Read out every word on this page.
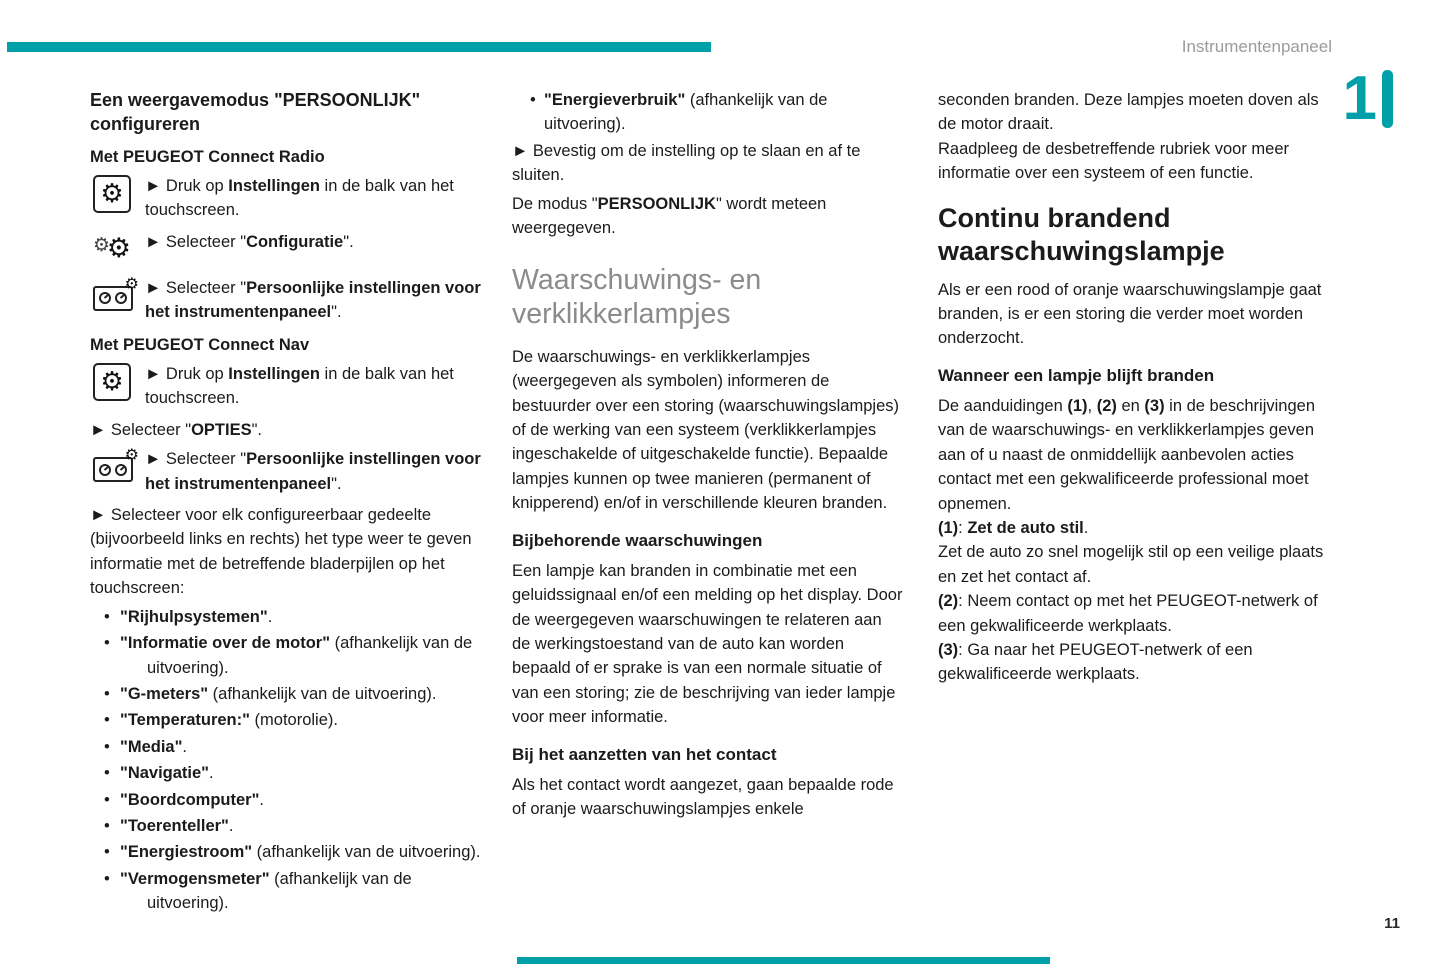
Instrumentenpaneel
1
Een weergavemodus "PERSOONLIJK" configureren
Met PEUGEOT Connect Radio
⚙ ► Druk op Instellingen in de balk van het touchscreen.
⚙
⚙ ► Selecteer "Configuratie".
⚙ ► Selecteer "Persoonlijke instellingen voor het instrumentenpaneel".
Met PEUGEOT Connect Nav
⚙ ► Druk op Instellingen in de balk van het touchscreen.

► Selecteer "OPTIES".

⚙ ► Selecteer "Persoonlijke instellingen voor het instrumentenpaneel".

► Selecteer voor elk configureerbaar gedeelte (bijvoorbeeld links en rechts) het type weer te geven informatie met de betreffende bladerpijlen op het touchscreen:

•
"Rijhulpsystemen".
•
"Informatie over de motor" (afhankelijk van de uitvoering).
•
"G-meters" (afhankelijk van de uitvoering).
•
"Temperaturen:" (motorolie).
•
"Media".
•
"Navigatie".
•
"Boordcomputer".
•
"Toerenteller".
•
"Energiestroom" (afhankelijk van de uitvoering).
•
"Vermogensmeter" (afhankelijk van de uitvoering).
•
"Energieverbruik" (afhankelijk van de uitvoering).

► Bevestig om de instelling op te slaan en af te sluiten.

De modus "PERSOONLIJK" wordt meteen weergegeven.

Waarschuwings- en verklikkerlampjes

De waarschuwings- en verklikkerlampjes (weergegeven als symbolen) informeren de bestuurder over een storing (waarschuwingslampjes) of de werking van een systeem (verklikkerlampjes ingeschakelde of uitgeschakelde functie). Bepaalde lampjes kunnen op twee manieren (permanent of knipperend) en/of in verschillende kleuren branden.

Bijbehorende waarschuwingen

Een lampje kan branden in combinatie met een geluidssignaal en/of een melding op het display. Door de weergegeven waarschuwingen te relateren aan de werkingstoestand van de auto kan worden bepaald of er sprake is van een normale situatie of van een storing; zie de beschrijving van ieder lampje voor meer informatie.

Bij het aanzetten van het contact

Als het contact wordt aangezet, gaan bepaalde rode of oranje waarschuwingslampjes enkele

seconden branden. Deze lampjes moeten doven als de motor draait.

Raadpleeg de desbetreffende rubriek voor meer informatie over een systeem of een functie.

Continu brandend waarschuwingslampje

Als er een rood of oranje waarschuwingslampje gaat branden, is er een storing die verder moet worden onderzocht.

Wanneer een lampje blijft branden

De aanduidingen (1), (2) en (3) in de beschrijvingen van de waarschuwings- en verklikkerlampjes geven aan of u naast de onmiddellijk aanbevolen acties contact met een gekwalificeerde professional moet opnemen.

(1): Zet de auto stil.

Zet de auto zo snel mogelijk stil op een veilige plaats en zet het contact af.

(2): Neem contact op met het PEUGEOT-netwerk of een gekwalificeerde werkplaats.

(3): Ga naar het PEUGEOT-netwerk of een gekwalificeerde werkplaats.

11
